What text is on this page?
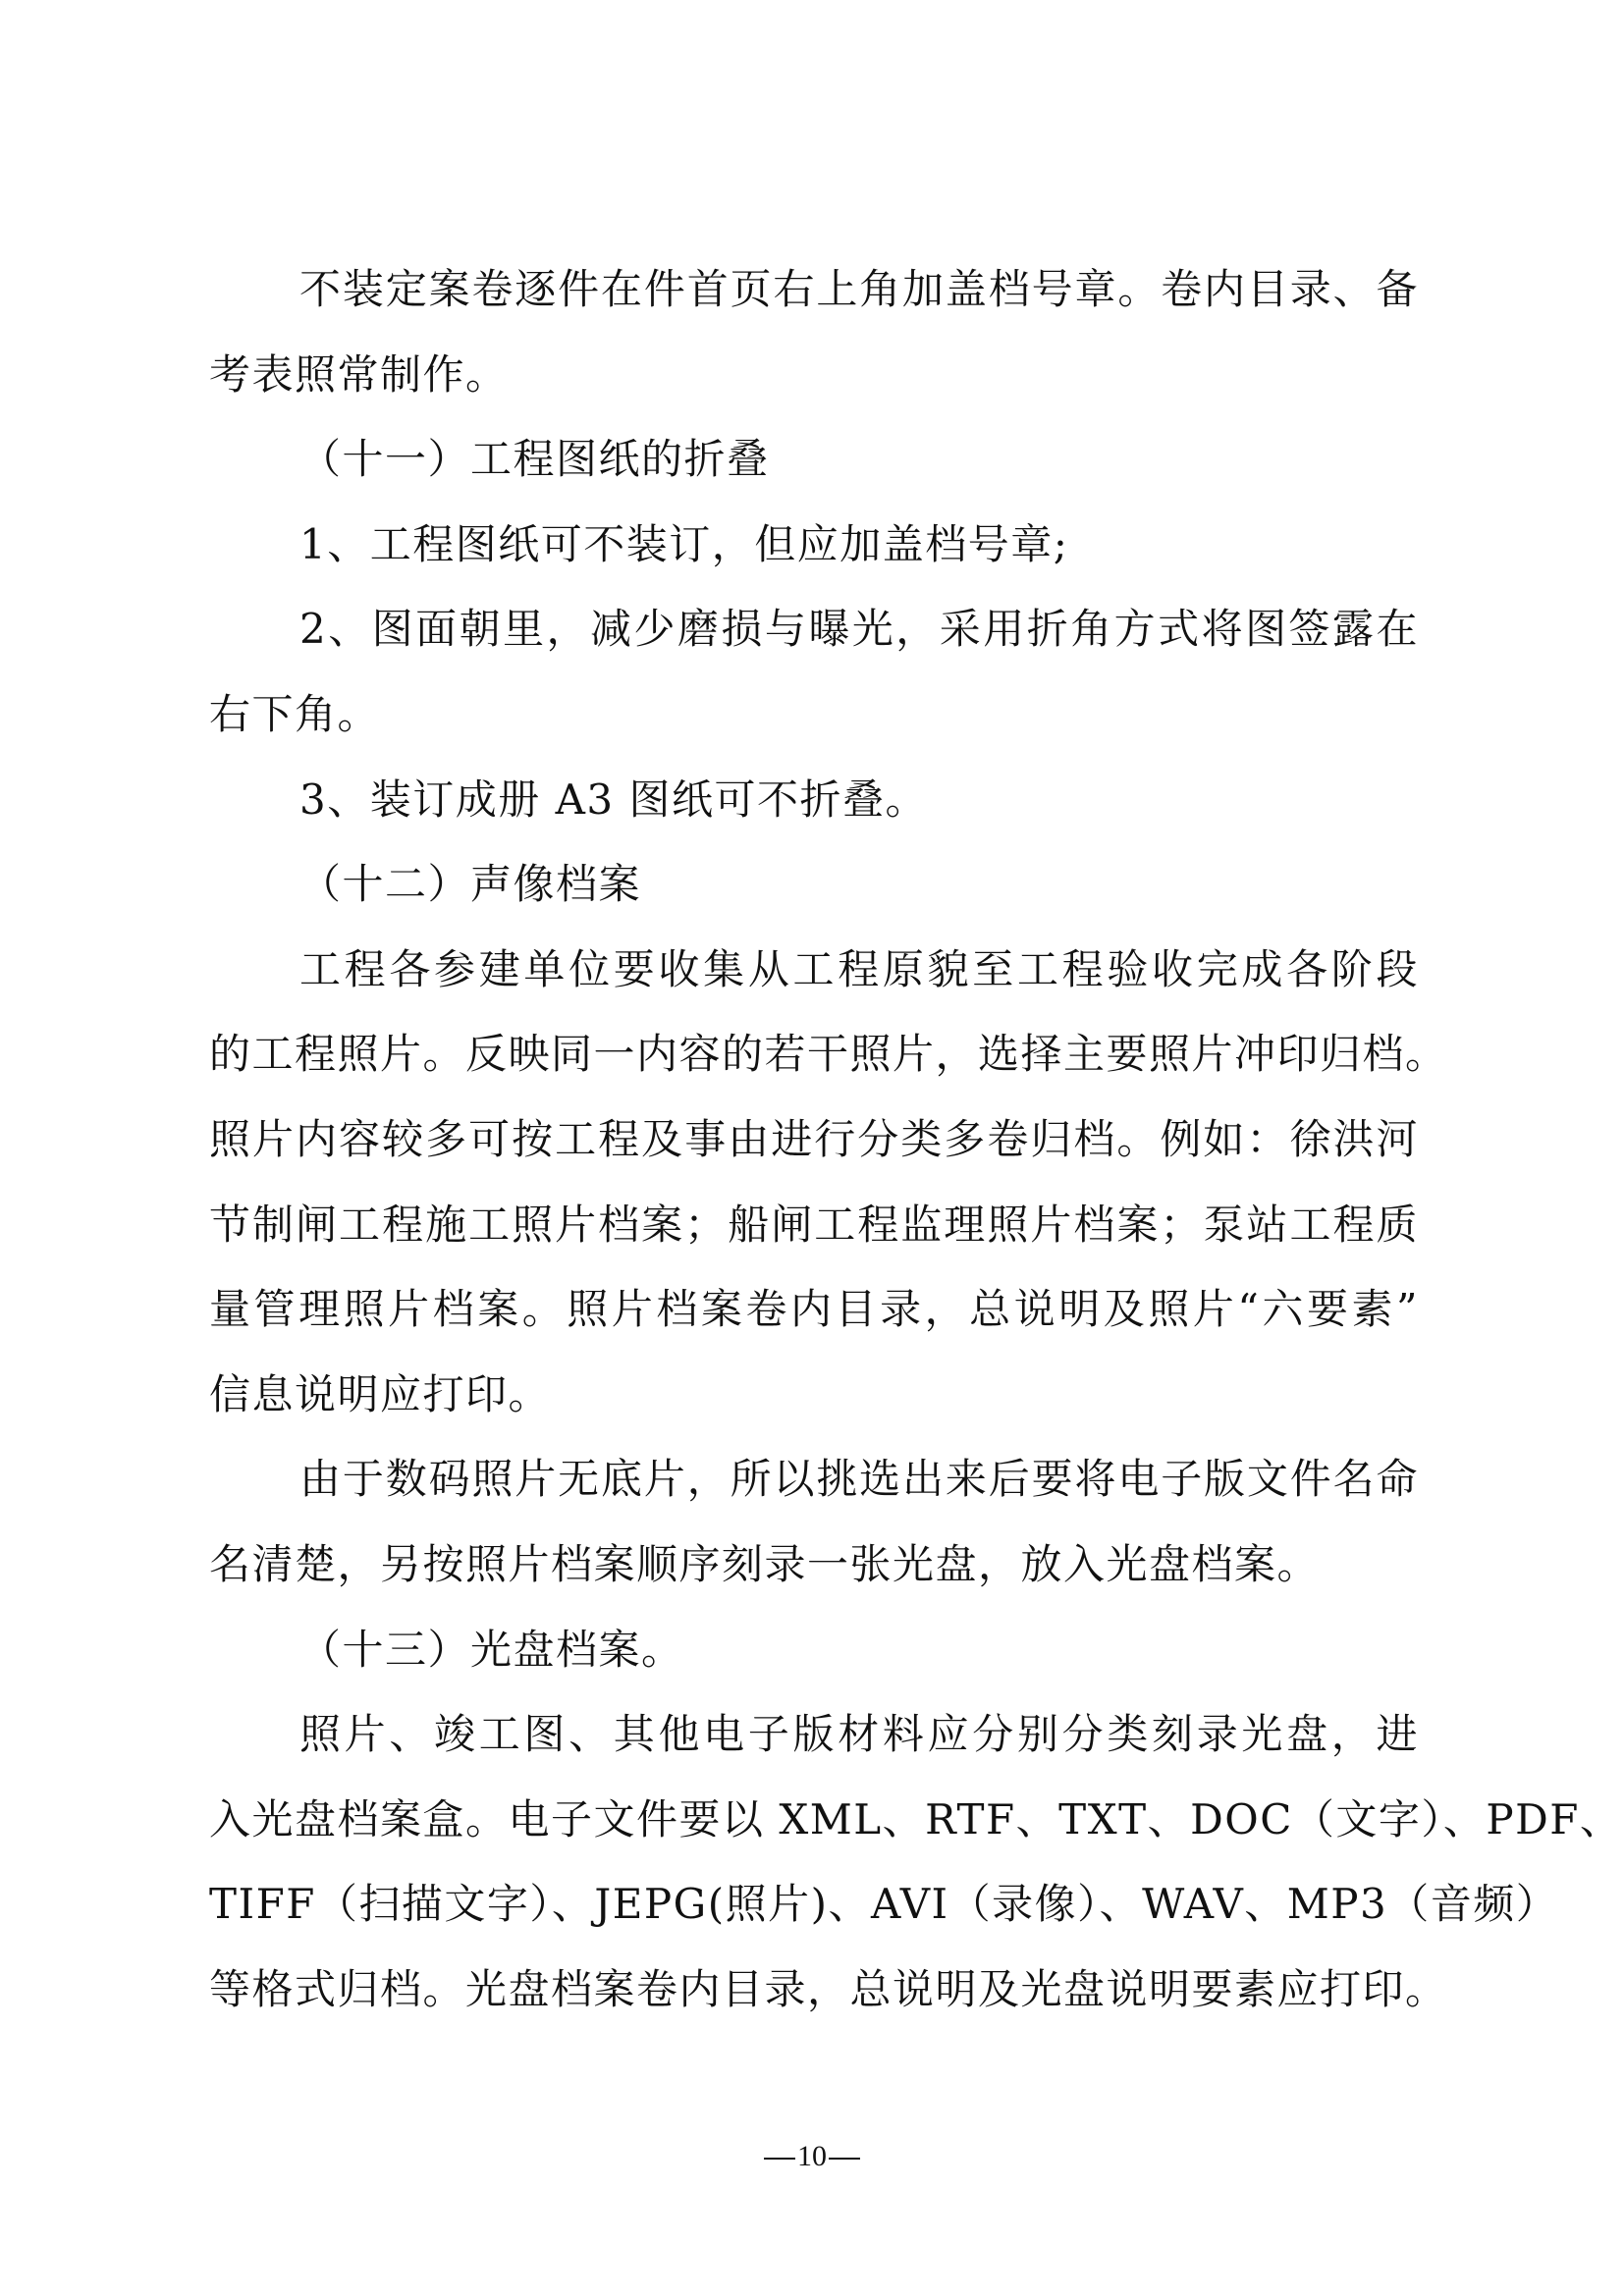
不装定案卷逐件在件首页右上角加盖档号章。卷内目录、备
考表照常制作。
（十一）工程图纸的折叠
1、工程图纸可不装订，但应加盖档号章;
2、图面朝里，减少磨损与曝光，采用折角方式将图签露在
右下角。
3、装订成册 A3 图纸可不折叠。
（十二）声像档案
工程各参建单位要收集从工程原貌至工程验收完成各阶段
的工程照片。反映同一内容的若干照片，选择主要照片冲印归档。
照片内容较多可按工程及事由进行分类多卷归档。例如：徐洪河
节制闸工程施工照片档案；船闸工程监理照片档案；泵站工程质
量管理照片档案。照片档案卷内目录，总说明及照片“六要素”
信息说明应打印。
由于数码照片无底片，所以挑选出来后要将电子版文件名命
名清楚，另按照片档案顺序刻录一张光盘，放入光盘档案。
（十三）光盘档案。
照片、竣工图、其他电子版材料应分别分类刻录光盘，进
入光盘档案盒。电子文件要以 XML、RTF、TXT、DOC（文字）、PDF、
TIFF（扫描文字）、JEPG(照片)、AVI（录像）、WAV、MP3（音频）
等格式归档。光盘档案卷内目录，总说明及光盘说明要素应打印。
10
